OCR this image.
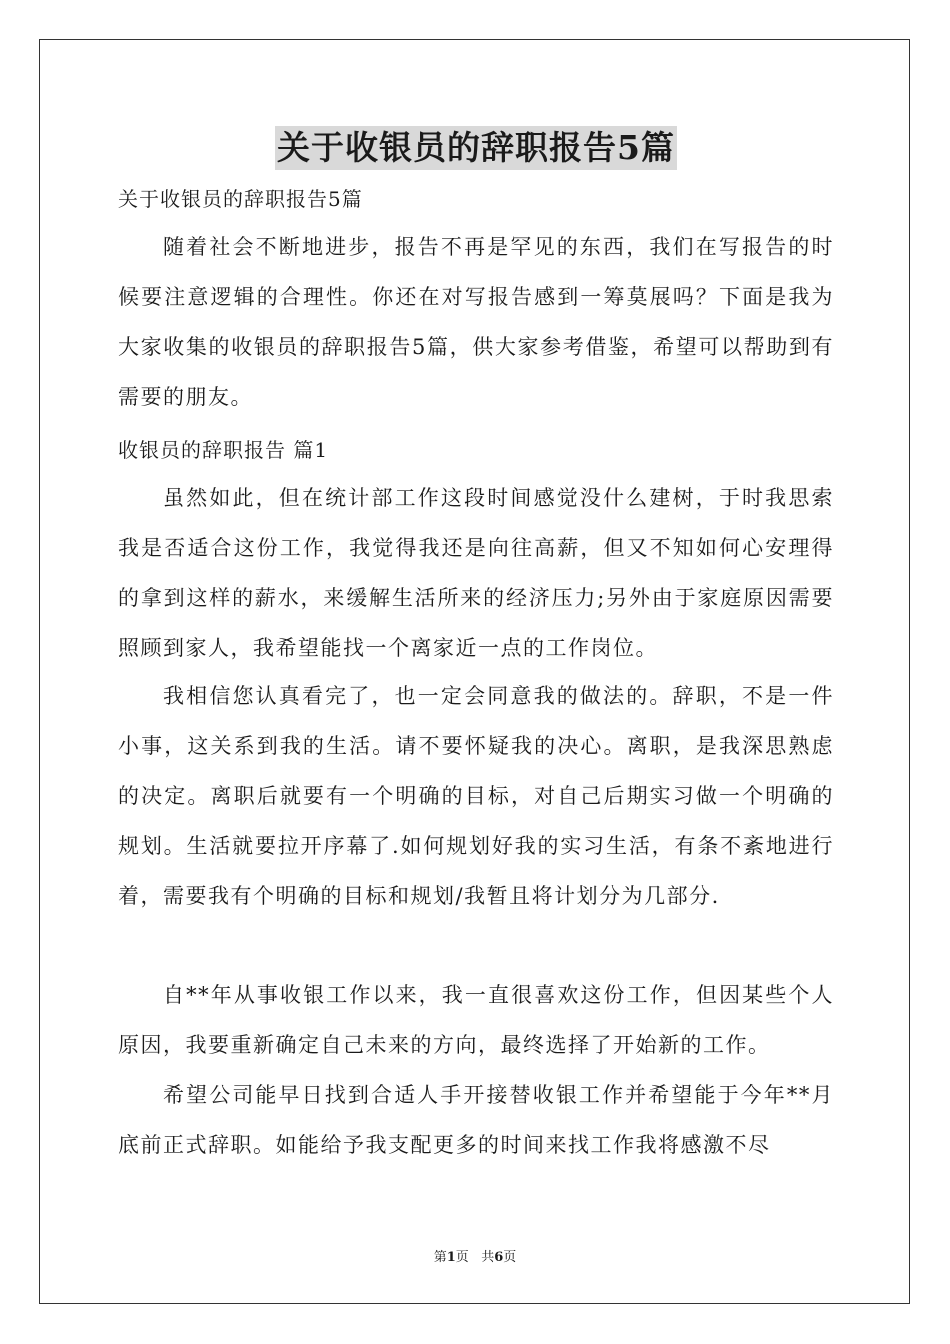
关于收银员的辞职报告5篇
关于收银员的辞职报告5篇
随着社会不断地进步，报告不再是罕见的东西，我们在写报告的时候要注意逻辑的合理性。你还在对写报告感到一筹莫展吗？下面是我为大家收集的收银员的辞职报告5篇，供大家参考借鉴，希望可以帮助到有需要的朋友。
收银员的辞职报告 篇1
虽然如此，但在统计部工作这段时间感觉没什么建树，于时我思索我是否适合这份工作，我觉得我还是向往高薪，但又不知如何心安理得的拿到这样的薪水，来缓解生活所来的经济压力;另外由于家庭原因需要照顾到家人，我希望能找一个离家近一点的工作岗位。
我相信您认真看完了，也一定会同意我的做法的。辞职，不是一件小事，这关系到我的生活。请不要怀疑我的决心。离职，是我深思熟虑的决定。离职后就要有一个明确的目标，对自己后期实习做一个明确的规划。生活就要拉开序幕了.如何规划好我的实习生活，有条不紊地进行着，需要我有个明确的目标和规划/我暂且将计划分为几部分.
自**年从事收银工作以来，我一直很喜欢这份工作，但因某些个人原因，我要重新确定自己未来的方向，最终选择了开始新的工作。
希望公司能早日找到合适人手开接替收银工作并希望能于今年**月底前正式辞职。如能给予我支配更多的时间来找工作我将感激不尽
第1页 共6页
